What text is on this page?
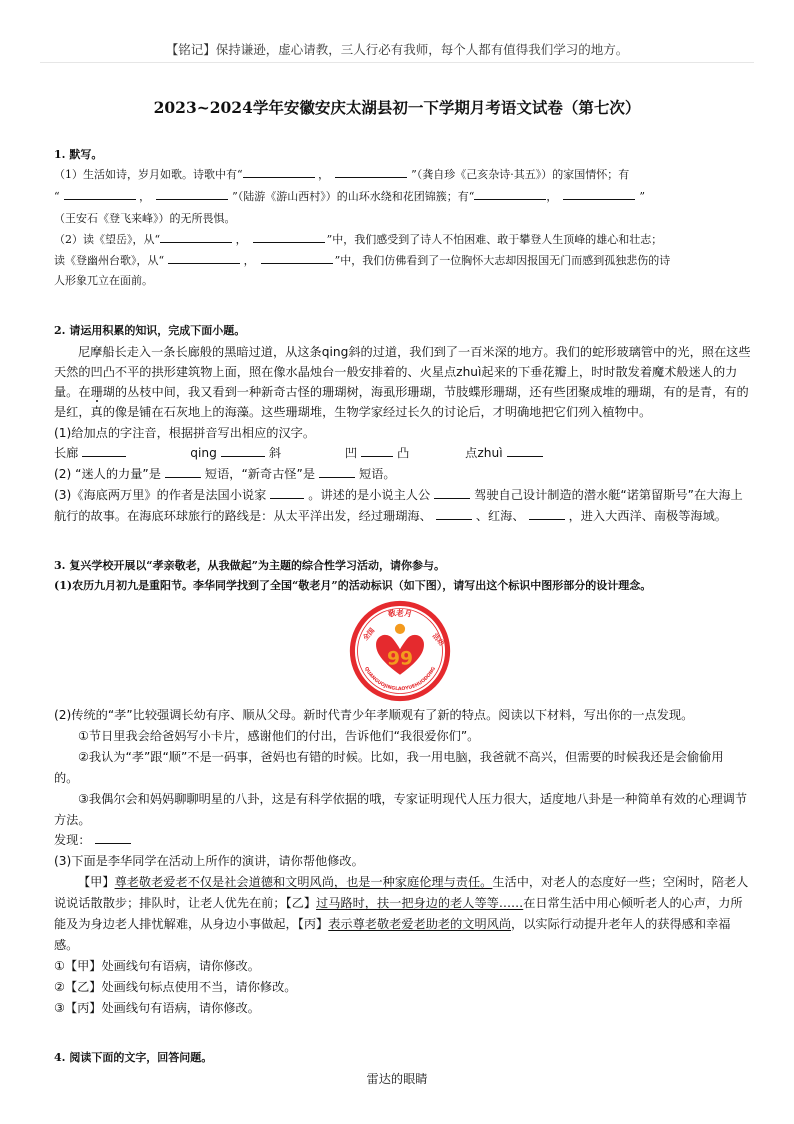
【铭记】保持谦逊，虚心请教，三人行必有我师，每个人都有值得我们学习的地方。
2023~2024学年安徽安庆太湖县初一下学期月考语文试卷（第七次）
1. 默写。
（1）生活如诗，岁月如歌。诗歌中有“	，	”（龚自珍《己亥杂诗·其五》）的家国情怀；有
“	，	”（陆游《游山西村》）的山环水绕和花团锦簇；有“	，	”
（王安石《登飞来峰》）的无所畏惧。
（2）读《望岳》，从“	，	”中，我们感受到了诗人不怕困难、敢于攀登人生顶峰的雄心和壮志；
读《登幽州台歌》，从“	，	”中，我们仿佛看到了一位胸怀大志却因报国无门而感到孤独悲伤的诗
人形象兀立在面前。
2. 请运用积累的知识，完成下面小题。
尼摩船长走入一条长廊般的黑暗过道，从这条qing斜的过道，我们到了一百米深的地方。我们的蛇形玻璃管中的光，照在这些
天然的凹凸不平的拱形建筑物上面，照在像水晶烛台一般安排着的、火星点zhuì起来的下垂花瓣上，时时散发着魔术般迷人的力
量。在珊瑚的丛枝中间，我又看到一种新奇古怪的珊瑚树，海虱形珊瑚，节肢蝶形珊瑚，还有些团聚成堆的珊瑚，有的是青，有的
是红，真的像是铺在石灰地上的海藻。这些珊瑚堆，生物学家经过长久的讨论后，才明确地把它们列入植物中。
(1)给加点的字注音，根据拼音写出相应的汉字。
长廊	qing	斜	凹	凸	点zhuì
(2) “迷人的力量”是	短语，“新奇古怪”是	短语。
(3)《海底两万里》的作者是法国小说家	。讲述的是小说主人公	驾驶自己设计制造的潜水艇“诺第留斯号”在大海上
航行的故事。在海底环球旅行的路线是：从太平洋出发，经过珊瑚海、	、红海、	，进入大西洋、南极等海域。
3. 复兴学校开展以“孝亲敬老，从我做起”为主题的综合性学习活动，请你参与。
(1)农历九月初九是重阳节。李华同学找到了全国“敬老月”的活动标识（如下图），请写出这个标识中图形部分的设计理念。
敬老月
全国	活动
QUANGUOJINGLAOYUEHUODONG
99
(2)传统的“孝”比较强调长幼有序、顺从父母。新时代青少年孝顺观有了新的特点。阅读以下材料，写出你的一点发现。
①节日里我会给爸妈写小卡片，感谢他们的付出，告诉他们“我很爱你们”。
②我认为“孝”跟“顺”不是一码事，爸妈也有错的时候。比如，我一用电脑，我爸就不高兴，但需要的时候我还是会偷偷用
的。
③我偶尔会和妈妈聊聊明星的八卦，这是有科学依据的哦，专家证明现代人压力很大，适度地八卦是一种简单有效的心理调节
方法。
发现：
(3)下面是李华同学在活动上所作的演讲，请你帮他修改。
【甲】尊老敬老爱老不仅是社会道德和文明风尚，也是一种家庭伦理与责任。生活中，对老人的态度好一些；空闲时，陪老人
说说话散散步；排队时，让老人优先在前；【乙】过马路时，扶一把身边的老人等等……在日常生活中用心倾听老人的心声，力所
能及为身边老人排忧解难，从身边小事做起，【丙】表示尊老敬老爱老助老的文明风尚，以实际行动提升老年人的获得感和幸福
感。
①【甲】处画线句有语病，请你修改。
②【乙】处画线句标点使用不当，请你修改。
③【丙】处画线句有语病，请你修改。
4. 阅读下面的文字，回答问题。
雷达的眼睛
